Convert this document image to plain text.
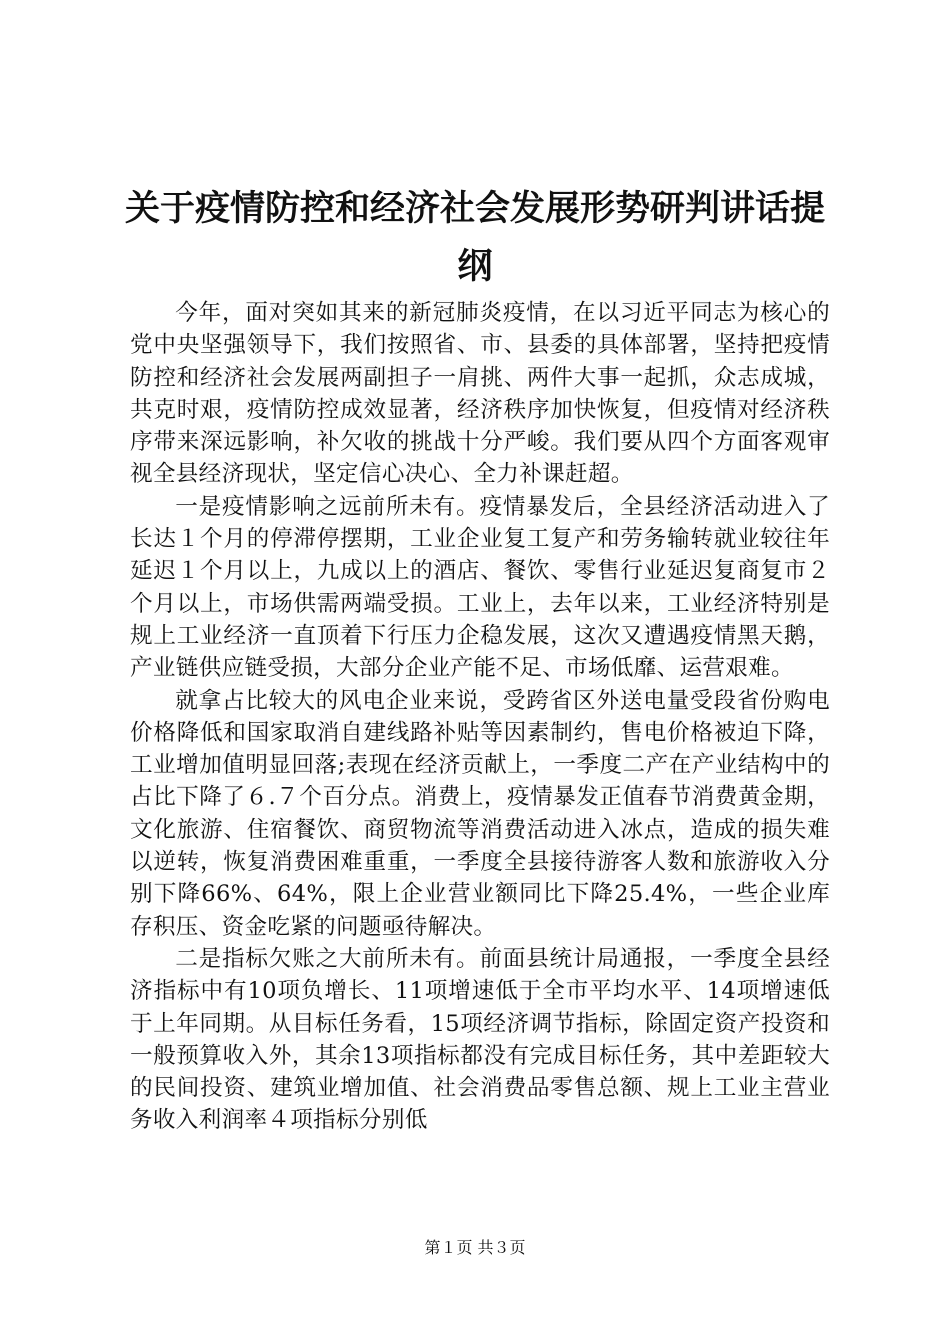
关于疫情防控和经济社会发展形势研判讲话提纲

今年，面对突如其来的新冠肺炎疫情，在以习近平同志为核心的党中央坚强领导下，我们按照省、市、县委的具体部署，坚持把疫情防控和经济社会发展两副担子一肩挑、两件大事一起抓，众志成城，共克时艰，疫情防控成效显著，经济秩序加快恢复，但疫情对经济秩序带来深远影响，补欠收的挑战十分严峻。我们要从四个方面客观审视全县经济现状，坚定信心决心、全力补课赶超。

一是疫情影响之远前所未有。疫情暴发后，全县经济活动进入了长达１个月的停滞停摆期，工业企业复工复产和劳务输转就业较往年延迟１个月以上，九成以上的酒店、餐饮、零售行业延迟复商复市２个月以上，市场供需两端受损。工业上，去年以来，工业经济特别是规上工业经济一直顶着下行压力企稳发展，这次又遭遇疫情黑天鹅，产业链供应链受损，大部分企业产能不足、市场低靡、运营艰难。

就拿占比较大的风电企业来说，受跨省区外送电量受段省份购电价格降低和国家取消自建线路补贴等因素制约，售电价格被迫下降，工业增加值明显回落;表现在经济贡献上，一季度二产在产业结构中的占比下降了６.７个百分点。消费上，疫情暴发正值春节消费黄金期，文化旅游、住宿餐饮、商贸物流等消费活动进入冰点，造成的损失难以逆转，恢复消费困难重重，一季度全县接待游客人数和旅游收入分别下降66%、64%，限上企业营业额同比下降25.4%，一些企业库存积压、资金吃紧的问题亟待解决。

二是指标欠账之大前所未有。前面县统计局通报，一季度全县经济指标中有10项负增长、11项增速低于全市平均水平、14项增速低于上年同期。从目标任务看，15项经济调节指标，除固定资产投资和一般预算收入外，其余13项指标都没有完成目标任务，其中差距较大的民间投资、建筑业增加值、社会消费品零售总额、规上工业主营业务收入利润率４项指标分别低

第１页 共３页
